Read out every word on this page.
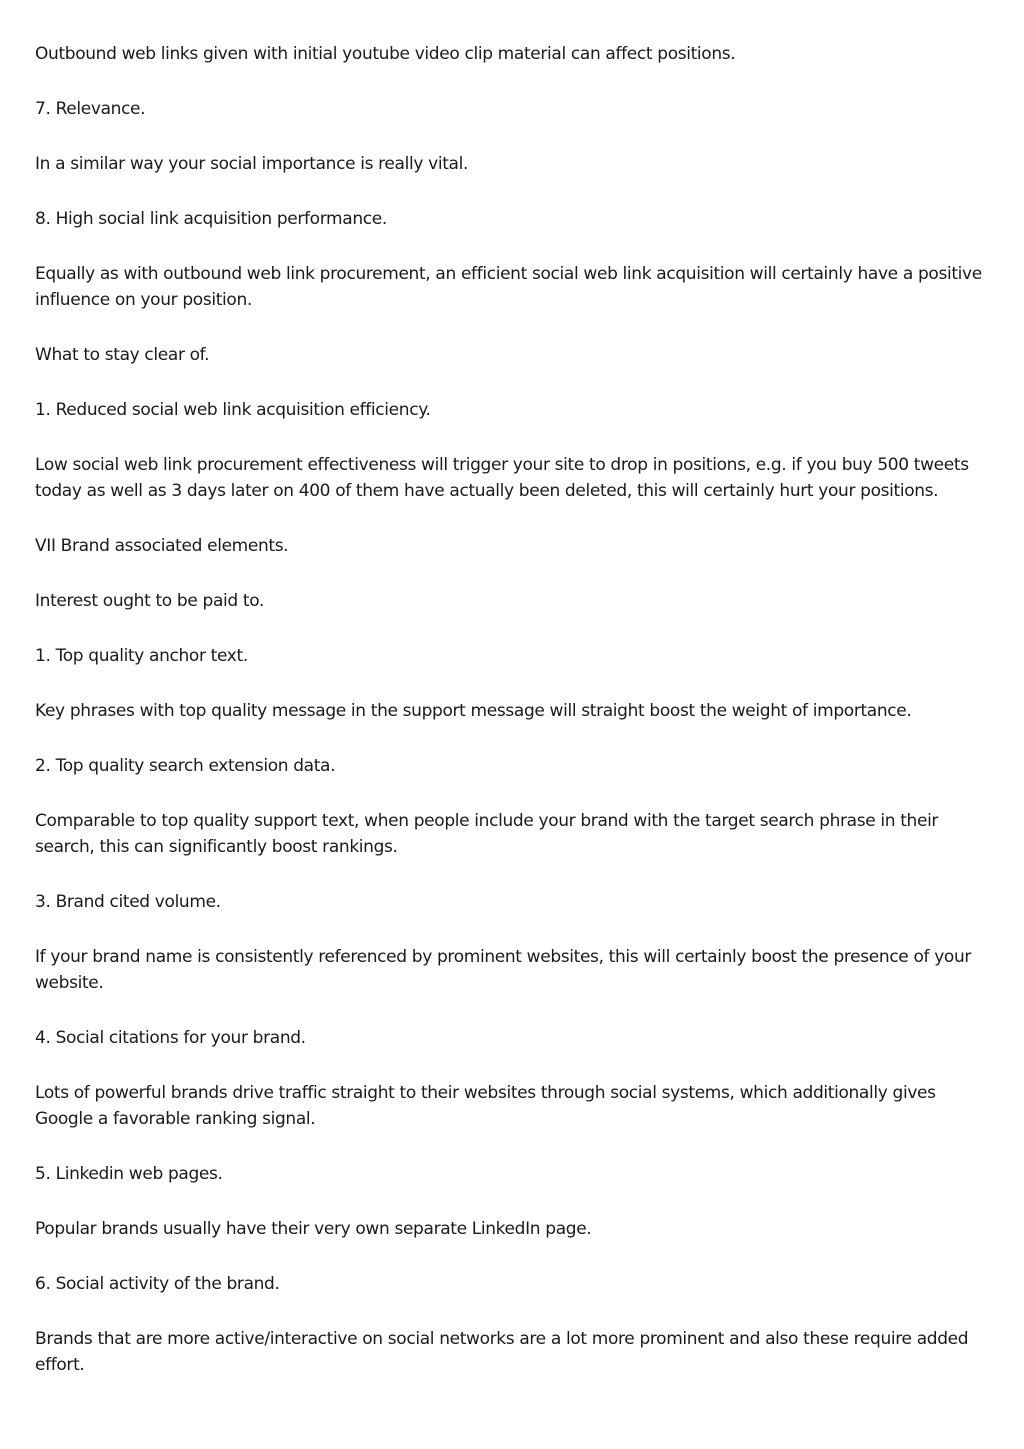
Outbound web links given with initial youtube video clip material can affect positions.

7. Relevance.

In a similar way your social importance is really vital.

8. High social link acquisition performance.

Equally as with outbound web link procurement, an efficient social web link acquisition will certainly have a positive influence on your position.

What to stay clear of.

1. Reduced social web link acquisition efficiency.

Low social web link procurement effectiveness will trigger your site to drop in positions, e.g. if you buy 500 tweets today as well as 3 days later on 400 of them have actually been deleted, this will certainly hurt your positions.

VII Brand associated elements.

Interest ought to be paid to.

1. Top quality anchor text.

Key phrases with top quality message in the support message will straight boost the weight of importance.

2. Top quality search extension data.

Comparable to top quality support text, when people include your brand with the target search phrase in their search, this can significantly boost rankings.

3. Brand cited volume.

If your brand name is consistently referenced by prominent websites, this will certainly boost the presence of your website.

4. Social citations for your brand.

Lots of powerful brands drive traffic straight to their websites through social systems, which additionally gives Google a favorable ranking signal.

5. Linkedin web pages.

Popular brands usually have their very own separate LinkedIn page.

6. Social activity of the brand.

Brands that are more active/interactive on social networks are a lot more prominent and also these require added effort.
